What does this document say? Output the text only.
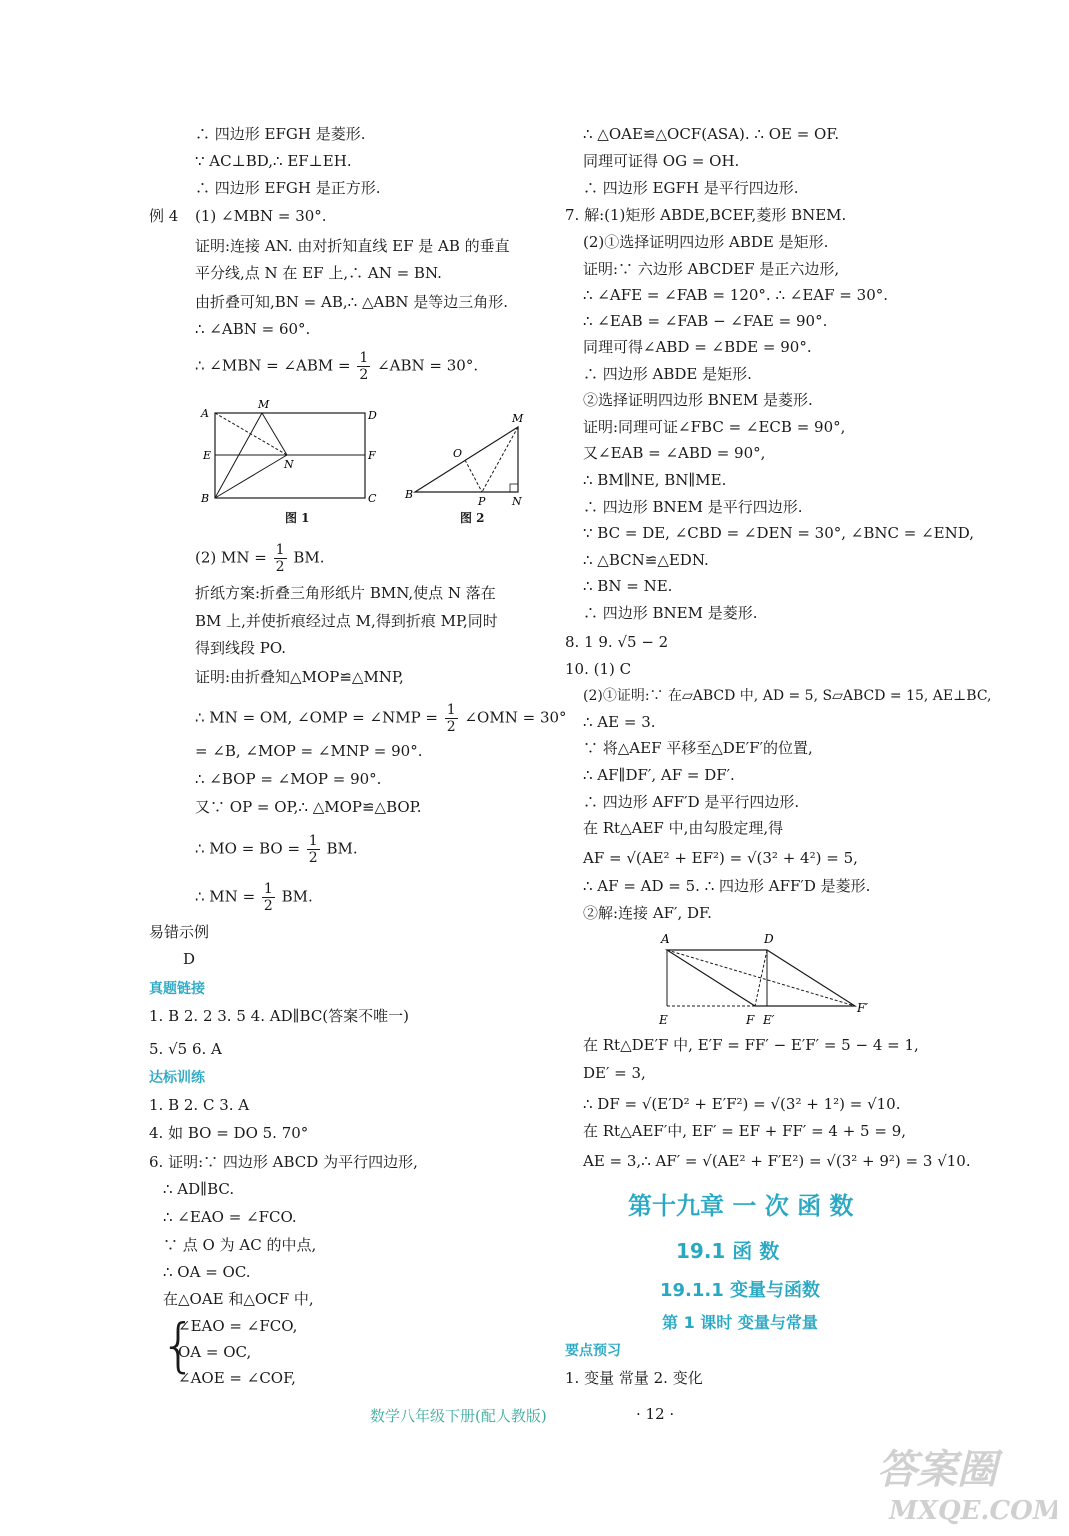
∴ 四边形 EFGH 是菱形.
∵ AC⊥BD,∴ EF⊥EH.
∴ 四边形 EFGH 是正方形.
例 4 (1) ∠MBN = 30°.
证明:连接 AN. 由对折知直线 EF 是 AB 的垂直
平分线,点 N 在 EF 上,∴ AN = BN.
由折叠可知,BN = AB,∴ △ABN 是等边三角形.
∴ ∠ABN = 60°.
∴ ∠MBN = ∠ABM = $\frac{1}{2}$ ∠ABN = 30°.
A
M
D
E	F
N
B	C
图 1
M
O
B
P N
图 2
(2) MN = $\frac{1}{2}$ BM.
折纸方案:折叠三角形纸片 BMN,使点 N 落在
BM 上,并使折痕经过点 M,得到折痕 MP,同时
得到线段 PO.
证明:由折叠知△MOP≌△MNP,
∴ MN = OM, ∠OMP = ∠NMP = $\frac{1}{2}$ ∠OMN = 30°
= ∠B, ∠MOP = ∠MNP = 90°.
∴ ∠BOP = ∠MOP = 90°.
又∵ OP = OP,∴ △MOP≌△BOP.
∴ MO = BO = $\frac{1}{2}$ BM.
∴ MN = $\frac{1}{2}$ BM.
易错示例
D
真题链接
1. B 2. 2 3. 5 4. AD∥BC(答案不唯一)
5. √5 6. A
达标训练
1. B 2. C 3. A
4. 如 BO = DO 5. 70°
6. 证明:∵ 四边形 ABCD 为平行四边形,
∴ AD∥BC.
∴ ∠EAO = ∠FCO.
∵ 点 O 为 AC 的中点,
∴ OA = OC.
在△OAE 和△OCF 中,
{
∠EAO = ∠FCO,
OA = OC,
∠AOE = ∠COF,
∴ △OAE≌△OCF(ASA). ∴ OE = OF.
同理可证得 OG = OH.
∴ 四边形 EGFH 是平行四边形.
7. 解:(1)矩形 ABDE,BCEF,菱形 BNEM.
(2)①选择证明四边形 ABDE 是矩形.
证明:∵ 六边形 ABCDEF 是正六边形,
∴ ∠AFE = ∠FAB = 120°. ∴ ∠EAF = 30°.
∴ ∠EAB = ∠FAB − ∠FAE = 90°.
同理可得∠ABD = ∠BDE = 90°.
∴ 四边形 ABDE 是矩形.
②选择证明四边形 BNEM 是菱形.
证明:同理可证∠FBC = ∠ECB = 90°,
又∠EAB = ∠ABD = 90°,
∴ BM∥NE, BN∥ME.
∴ 四边形 BNEM 是平行四边形.
∵ BC = DE, ∠CBD = ∠DEN = 30°, ∠BNC = ∠END,
∴ △BCN≌△EDN.
∴ BN = NE.
∴ 四边形 BNEM 是菱形.
8. 1 9. √5 − 2
10. (1) C
(2)①证明:∵ 在▱ABCD 中, AD = 5, S▱ABCD = 15, AE⊥BC,
∴ AE = 3.
∵ 将△AEF 平移至△DE′F′的位置,
∴ AF∥DF′, AF = DF′.
∴ 四边形 AFF′D 是平行四边形.
在 Rt△AEF 中,由勾股定理,得
AF = √(AE² + EF²) = √(3² + 4²) = 5,
∴ AF = AD = 5. ∴ 四边形 AFF′D 是菱形.
②解:连接 AF′, DF.
A	D
E	F E′
F′
在 Rt△DE′F 中, E′F = FF′ − E′F′ = 5 − 4 = 1,
DE′ = 3,
∴ DF = √(E′D² + E′F²) = √(3² + 1²) = √10.
在 Rt△AEF′中, EF′ = EF + FF′ = 4 + 5 = 9,
AE = 3,∴ AF′ = √(AE² + F′E²) = √(3² + 9²) = 3 √10.
第十九章 一 次 函 数
19.1 函 数
19.1.1 变量与函数
第 1 课时 变量与常量
要点预习
1. 变量 常量 2. 变化
数学八年级下册(配人教版)	· 12 ·
答案圈
MXQE.COM
